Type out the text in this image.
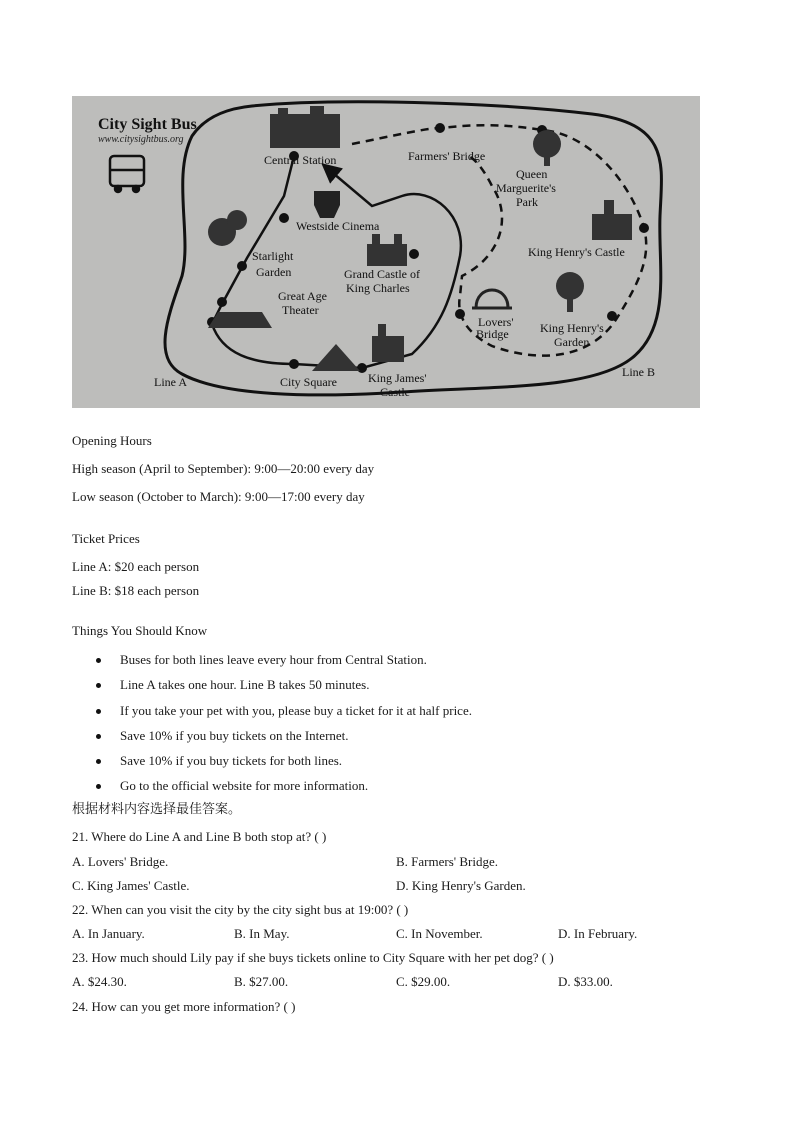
City Sight Bus
www.citysightbus.org
Central Station	Farmers' Bridge
Queen
Marguerite's
Park
Westside Cinema
King Henry's Castle
Starlight
Garden	Grand Castle of
King Charles
Great Age
Theater
Lovers'
Bridge	King Henry's
Garden
City Square	King James'
Castle
Line A
Line B
Opening Hours
High season (April to September): 9:00—20:00 every day
Low season (October to March): 9:00—17:00 every day
Ticket Prices
Line A: $20 each person
Line B: $18 each person
Things You Should Know
Buses for both lines leave every hour from Central Station.
Line A takes one hour. Line B takes 50 minutes.
If you take your pet with you, please buy a ticket for it at half price.
Save 10% if you buy tickets on the Internet.
Save 10% if you buy tickets for both lines.
Go to the official website for more information.
根据材料内容选择最佳答案。
21. Where do Line A and Line B both stop at? ( )
A. Lovers' Bridge.	B. Farmers' Bridge.
C. King James' Castle.	D. King Henry's Garden.
22. When can you visit the city by the city sight bus at 19:00? ( )
A. In January.	B. In May.	C. In November.	D. In February.
23. How much should Lily pay if she buys tickets online to City Square with her pet dog? ( )
A. $24.30.	B. $27.00.	C. $29.00.	D. $33.00.
24. How can you get more information? ( )
